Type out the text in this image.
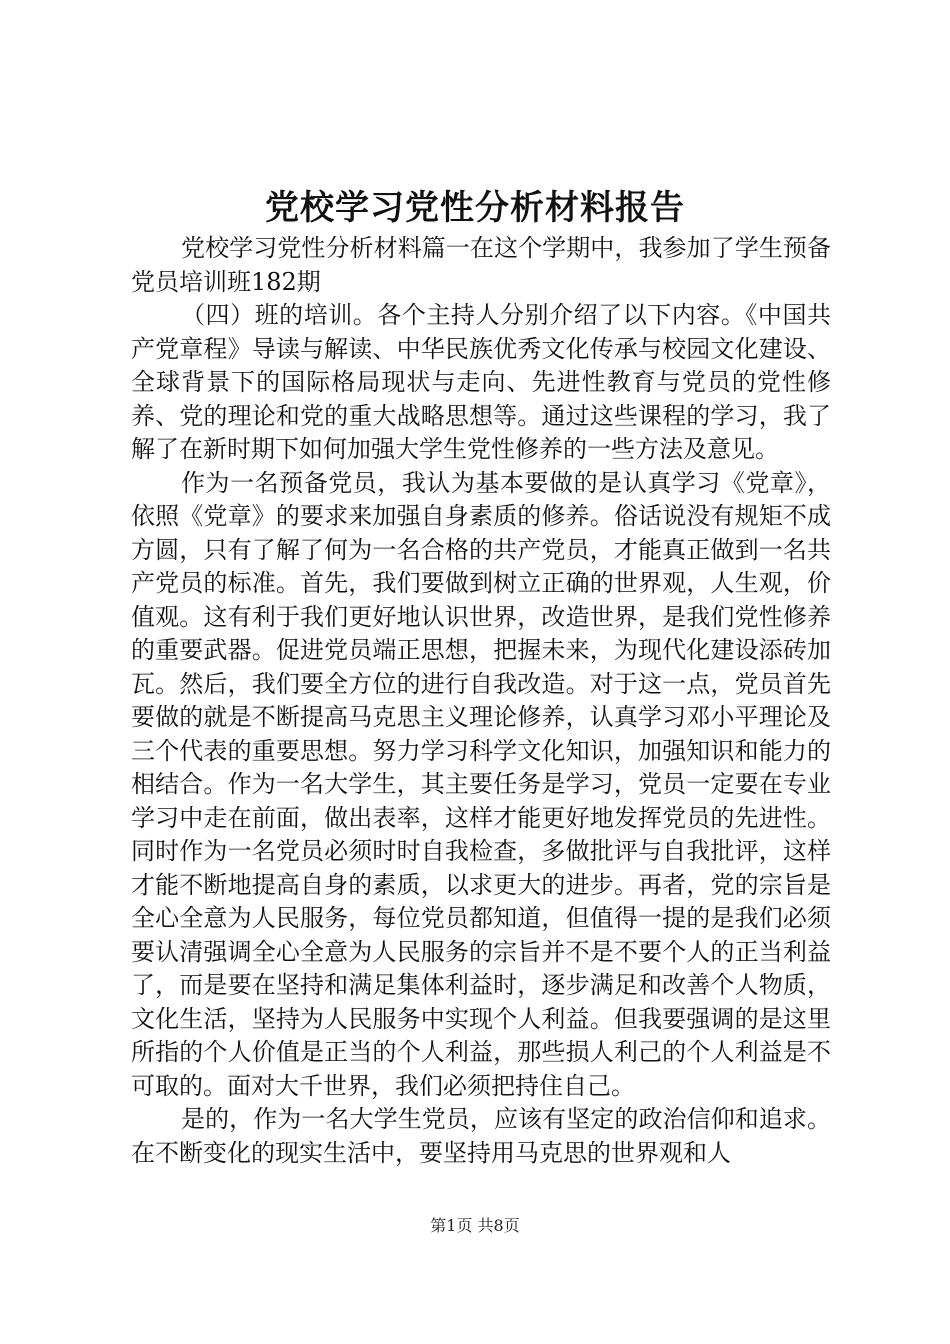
党校学习党性分析材料报告

党校学习党性分析材料篇一在这个学期中，我参加了学生预备党员培训班182期

（四）班的培训。各个主持人分别介绍了以下内容。《中国共产党章程》导读与解读、中华民族优秀文化传承与校园文化建设、全球背景下的国际格局现状与走向、先进性教育与党员的党性修养、党的理论和党的重大战略思想等。通过这些课程的学习，我了解了在新时期下如何加强大学生党性修养的一些方法及意见。

作为一名预备党员，我认为基本要做的是认真学习《党章》，依照《党章》的要求来加强自身素质的修养。俗话说没有规矩不成方圆，只有了解了何为一名合格的共产党员，才能真正做到一名共产党员的标准。首先，我们要做到树立正确的世界观，人生观，价值观。这有利于我们更好地认识世界，改造世界，是我们党性修养的重要武器。促进党员端正思想，把握未来，为现代化建设添砖加瓦。然后，我们要全方位的进行自我改造。对于这一点，党员首先要做的就是不断提高马克思主义理论修养，认真学习邓小平理论及三个代表的重要思想。努力学习科学文化知识，加强知识和能力的相结合。作为一名大学生，其主要任务是学习，党员一定要在专业学习中走在前面，做出表率，这样才能更好地发挥党员的先进性。同时作为一名党员必须时时自我检查，多做批评与自我批评，这样才能不断地提高自身的素质，以求更大的进步。再者，党的宗旨是全心全意为人民服务，每位党员都知道，但值得一提的是我们必须要认清强调全心全意为人民服务的宗旨并不是不要个人的正当利益了，而是要在坚持和满足集体利益时，逐步满足和改善个人物质，文化生活，坚持为人民服务中实现个人利益。但我要强调的是这里所指的个人价值是正当的个人利益，那些损人利己的个人利益是不可取的。面对大千世界，我们必须把持住自己。

是的，作为一名大学生党员，应该有坚定的政治信仰和追求。在不断变化的现实生活中，要坚持用马克思的世界观和人

第1页 共8页
